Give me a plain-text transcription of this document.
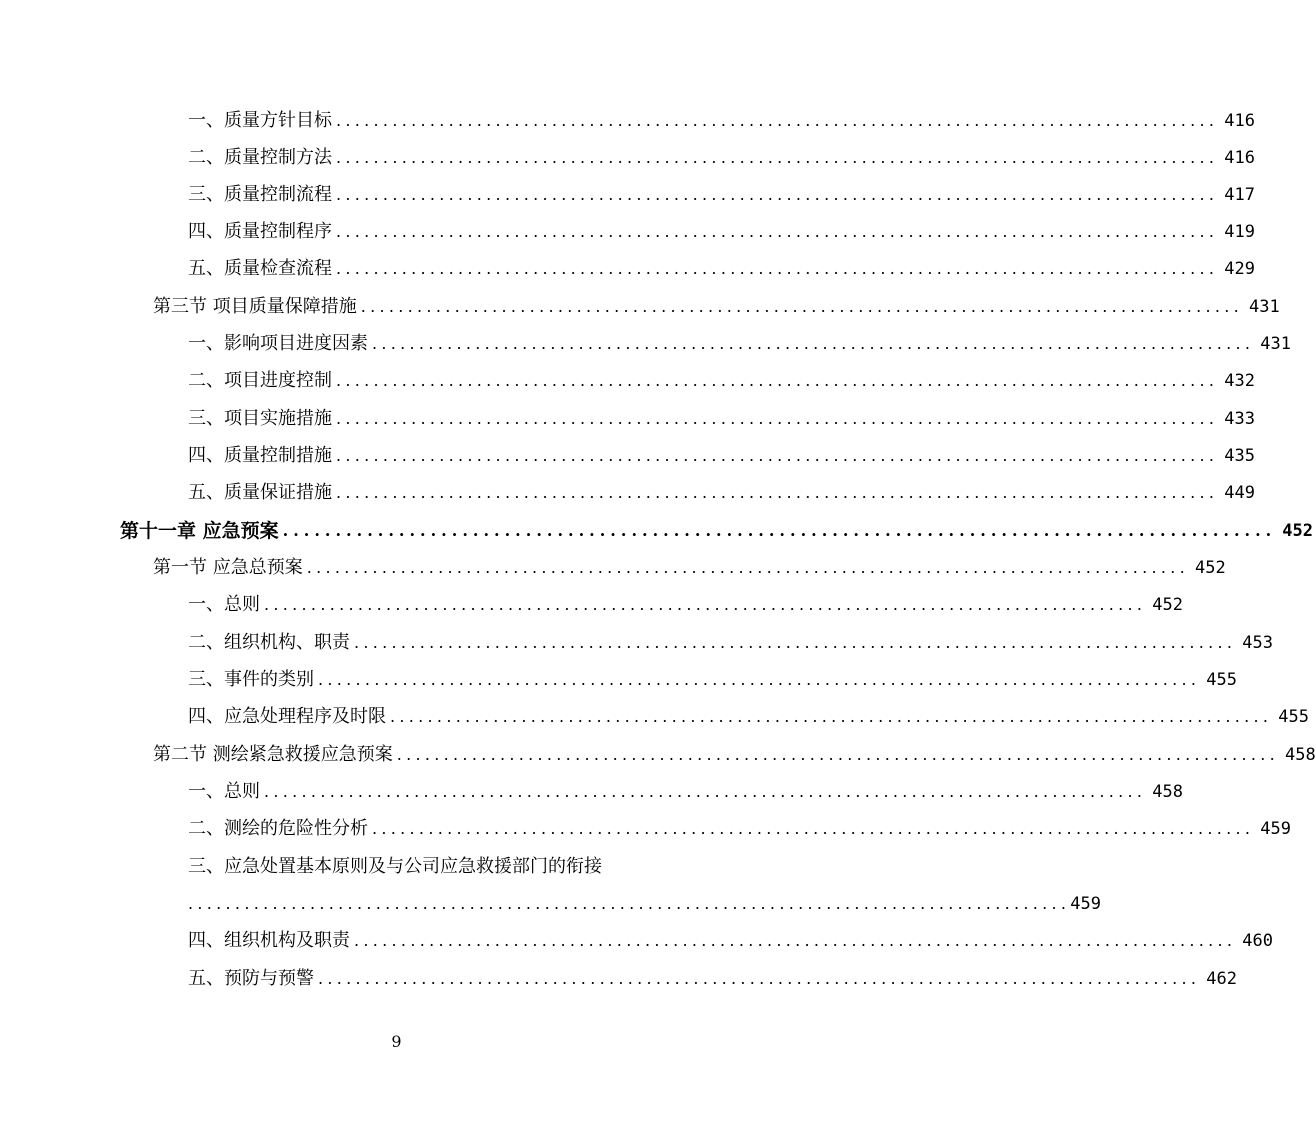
一、质量方针目标 .............................................................................................. 416
二、质量控制方法 .............................................................................................. 416
三、质量控制流程 .............................................................................................. 417
四、质量控制程序 .............................................................................................. 419
五、质量检查流程 .............................................................................................. 429
第三节 项目质量保障措施 .............................................................................................. 431
一、影响项目进度因素 .............................................................................................. 431
二、项目进度控制 .............................................................................................. 432
三、项目实施措施 .............................................................................................. 433
四、质量控制措施 .............................................................................................. 435
五、质量保证措施 .............................................................................................. 449
第十一章 应急预案 .............................................................................................. 452
第一节 应急总预案 .............................................................................................. 452
一、总则 .............................................................................................. 452
二、组织机构、职责 .............................................................................................. 453
三、事件的类别 .............................................................................................. 455
四、应急处理程序及时限 .............................................................................................. 455
第二节 测绘紧急救援应急预案 .............................................................................................. 458
一、总则 .............................................................................................. 458
二、测绘的危险性分析 .............................................................................................. 459
三、应急处置基本原则及与公司应急救援部门的衔接
.............................................................................................. 459
四、组织机构及职责 .............................................................................................. 460
五、预防与预警 .............................................................................................. 462
9
